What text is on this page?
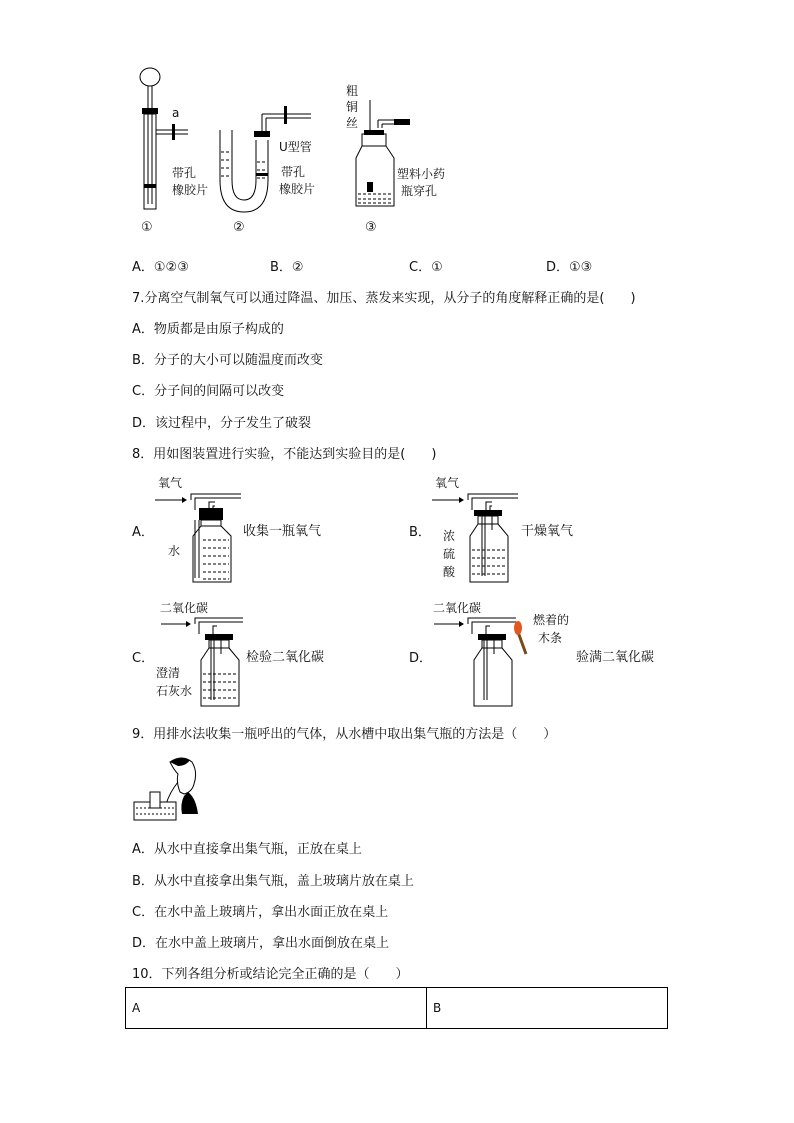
a
带孔
橡胶片
①
U型管
带孔
橡胶片
②
粗
铜
丝
塑料小药
瓶穿孔
③
A．①②③	B．②	C．①	D．①③
7.分离空气制氧气可以通过降温、加压、蒸发来实现，从分子的角度解释正确的是(　　)
A．物质都是由原子构成的
B．分子的大小可以随温度而改变
C．分子间的间隔可以改变
D．该过程中，分子发生了破裂
8．用如图装置进行实验，不能达到实验目的是(　　)
A．
氧气
水
收集一瓶氧气	B．
氧气
浓
硫
酸
干燥氧气
C．
二氧化碳
澄清
石灰水
检验二氧化碳	D．
二氧化碳
燃着的
木条
验满二氧化碳
9．用排水法收集一瓶呼出的气体，从水槽中取出集气瓶的方法是（　　）
A．从水中直接拿出集气瓶，正放在桌上
B．从水中直接拿出集气瓶，盖上玻璃片放在桌上
C．在水中盖上玻璃片，拿出水面正放在桌上
D．在水中盖上玻璃片，拿出水面倒放在桌上
10．下列各组分析或结论完全正确的是（　　）
A	B
